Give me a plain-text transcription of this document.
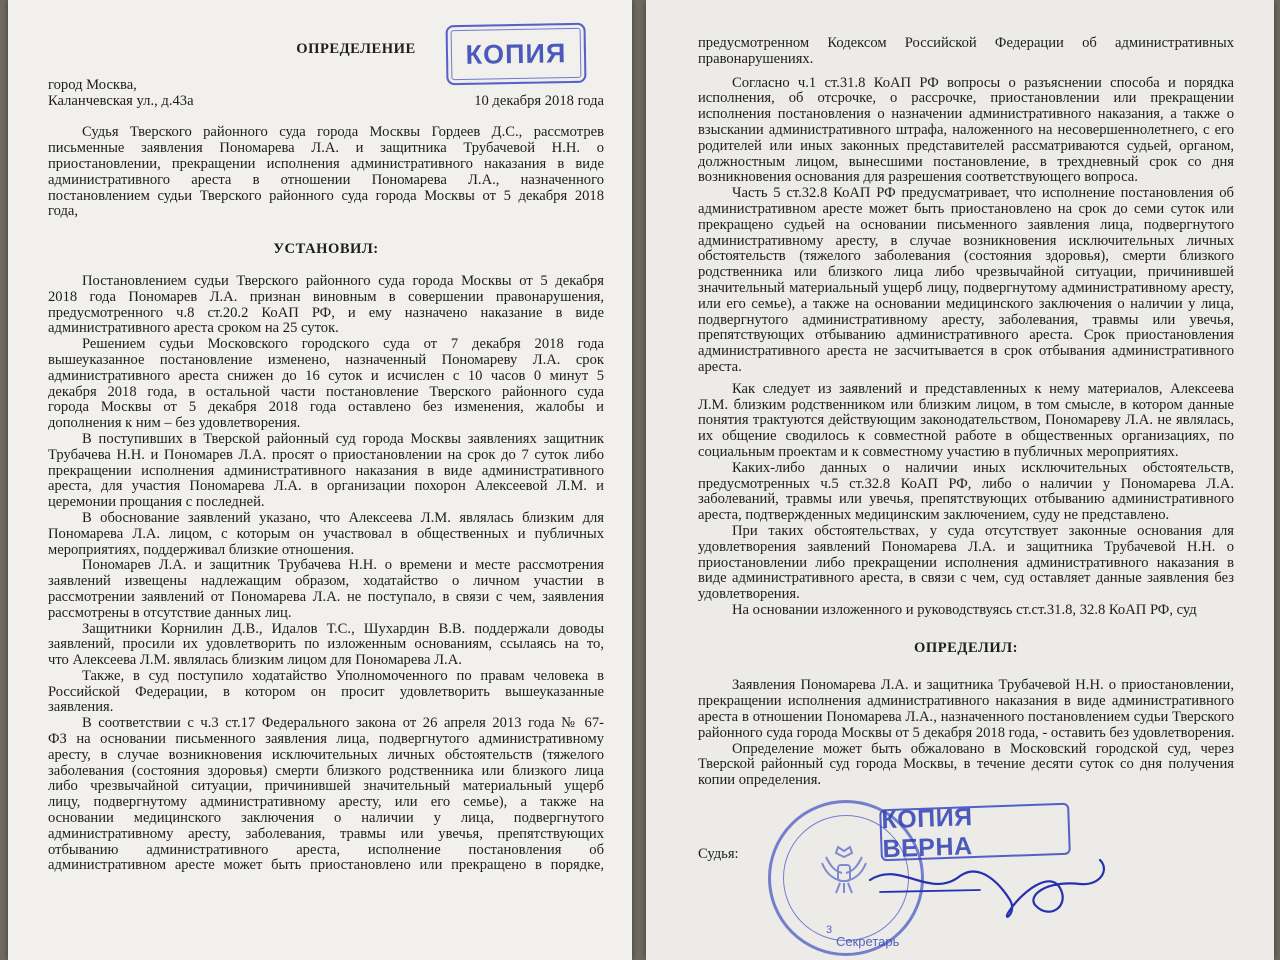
ОПРЕДЕЛЕНИЕ
город Москва,
Каланчевская ул., д.43а	10 декабря 2018 года
Судья Тверского районного суда города Москвы Гордеев Д.С., рассмотрев
письменные заявления Пономарева Л.А. и защитника Трубачевой Н.Н. о
приостановлении, прекращении исполнения административного наказания в виде
административного ареста в отношении Пономарева Л.А., назначенного
постановлением судьи Тверского районного суда города Москвы от 5 декабря 2018
года,
УСТАНОВИЛ:
Постановлением судьи Тверского районного суда города Москвы от 5 декабря
2018 года Пономарев Л.А. признан виновным в совершении правонарушения,
предусмотренного ч.8 ст.20.2 КоАП РФ, и ему назначено наказание в виде
административного ареста сроком на 25 суток.
Решением судьи Московского городского суда от 7 декабря 2018 года
вышеуказанное постановление изменено, назначенный Пономареву Л.А. срок
административного ареста снижен до 16 суток и исчислен с 10 часов 0 минут 5
декабря 2018 года, в остальной части постановление Тверского районного суда
города Москвы от 5 декабря 2018 года оставлено без изменения, жалобы и
дополнения к ним – без удовлетворения.
В поступивших в Тверской районный суд города Москвы заявлениях защитник
Трубачева Н.Н. и Пономарев Л.А. просят о приостановлении на срок до 7 суток либо
прекращении исполнения административного наказания в виде административного
ареста, для участия Пономарева Л.А. в организации похорон Алексеевой Л.М. и
церемонии прощания с последней.
В обоснование заявлений указано, что Алексеева Л.М. являлась близким для
Пономарева Л.А. лицом, с которым он участвовал в общественных и публичных
мероприятиях, поддерживал близкие отношения.
Пономарев Л.А. и защитник Трубачева Н.Н. о времени и месте рассмотрения
заявлений извещены надлежащим образом, ходатайство о личном участии в
рассмотрении заявлений от Пономарева Л.А. не поступало, в связи с чем, заявления
рассмотрены в отсутствие данных лиц.
Защитники Корнилин Д.В., Идалов Т.С., Шухардин В.В. поддержали доводы
заявлений, просили их удовлетворить по изложенным основаниям, ссылаясь на то,
что Алексеева Л.М. являлась близким лицом для Пономарева Л.А.
Также, в суд поступило ходатайство Уполномоченного по правам человека в
Российской Федерации, в котором он просит удовлетворить вышеуказанные
заявления.
В соответствии с ч.3 ст.17 Федерального закона от 26 апреля 2013 года № 67-
ФЗ на основании письменного заявления лица, подвергнутого административному
аресту, в случае возникновения исключительных личных обстоятельств (тяжелого
заболевания (состояния здоровья) смерти близкого родственника или близкого лица
либо чрезвычайной ситуации, причинившей значительный материальный ущерб
лицу, подвергнутому административному аресту, или его семье), а также на
основании медицинского заключения о наличии у лица, подвергнутого
административному аресту, заболевания, травмы или увечья, препятствующих
отбыванию административного ареста, исполнение постановления об
административном аресте может быть приостановлено или прекращено в порядке,
КОПИЯ	предусмотренном Кодексом Российской Федерации об административных
правонарушениях.
Согласно ч.1 ст.31.8 КоАП РФ вопросы о разъяснении способа и порядка
исполнения, об отсрочке, о рассрочке, приостановлении или прекращении
исполнения постановления о назначении административного наказания, а также о
взыскании административного штрафа, наложенного на несовершеннолетнего, с его
родителей или иных законных представителей рассматриваются судьей, органом,
должностным лицом, вынесшими постановление, в трехдневный срок со дня
возникновения основания для разрешения соответствующего вопроса.
Часть 5 ст.32.8 КоАП РФ предусматривает, что исполнение постановления об
административном аресте может быть приостановлено на срок до семи суток или
прекращено судьей на основании письменного заявления лица, подвергнутого
административному аресту, в случае возникновения исключительных личных
обстоятельств (тяжелого заболевания (состояния здоровья), смерти близкого
родственника или близкого лица либо чрезвычайной ситуации, причинившей
значительный материальный ущерб лицу, подвергнутому административному аресту,
или его семье), а также на основании медицинского заключения о наличии у лица,
подвергнутого административному аресту, заболевания, травмы или увечья,
препятствующих отбыванию административного ареста. Срок приостановления
административного ареста не засчитывается в срок отбывания административного
ареста.
Как следует из заявлений и представленных к нему материалов, Алексеева
Л.М. близким родственником или близким лицом, в том смысле, в котором данные
понятия трактуются действующим законодательством, Пономареву Л.А. не являлась,
их общение сводилось к совместной работе в общественных организациях, по
социальным проектам и к совместному участию в публичных мероприятиях.
Каких-либо данных о наличии иных исключительных обстоятельств,
предусмотренных ч.5 ст.32.8 КоАП РФ, либо о наличии у Пономарева Л.А.
заболеваний, травмы или увечья, препятствующих отбыванию административного
ареста, подтвержденных медицинским заключением, суду не представлено.
При таких обстоятельствах, у суда отсутствует законные основания для
удовлетворения заявлений Пономарева Л.А. и защитника Трубачевой Н.Н. о
приостановлении либо прекращении исполнения административного наказания в
виде административного ареста, в связи с чем, суд оставляет данные заявления без
удовлетворения.
На основании изложенного и руководствуясь ст.ст.31.8, 32.8 КоАП РФ, суд
ОПРЕДЕЛИЛ:
Заявления Пономарева Л.А. и защитника Трубачевой Н.Н. о приостановлении,
прекращении исполнения административного наказания в виде административного
ареста в отношении Пономарева Л.А., назначенного постановлением судьи Тверского
районного суда города Москвы от 5 декабря 2018 года, - оставить без удовлетворения.
Определение может быть обжаловано в Московский городской суд, через
Тверской районный суд города Москвы, в течение десяти суток со дня получения
копии определения.
Судья:
3
Секретарь
КОПИЯ ВЕРНА
